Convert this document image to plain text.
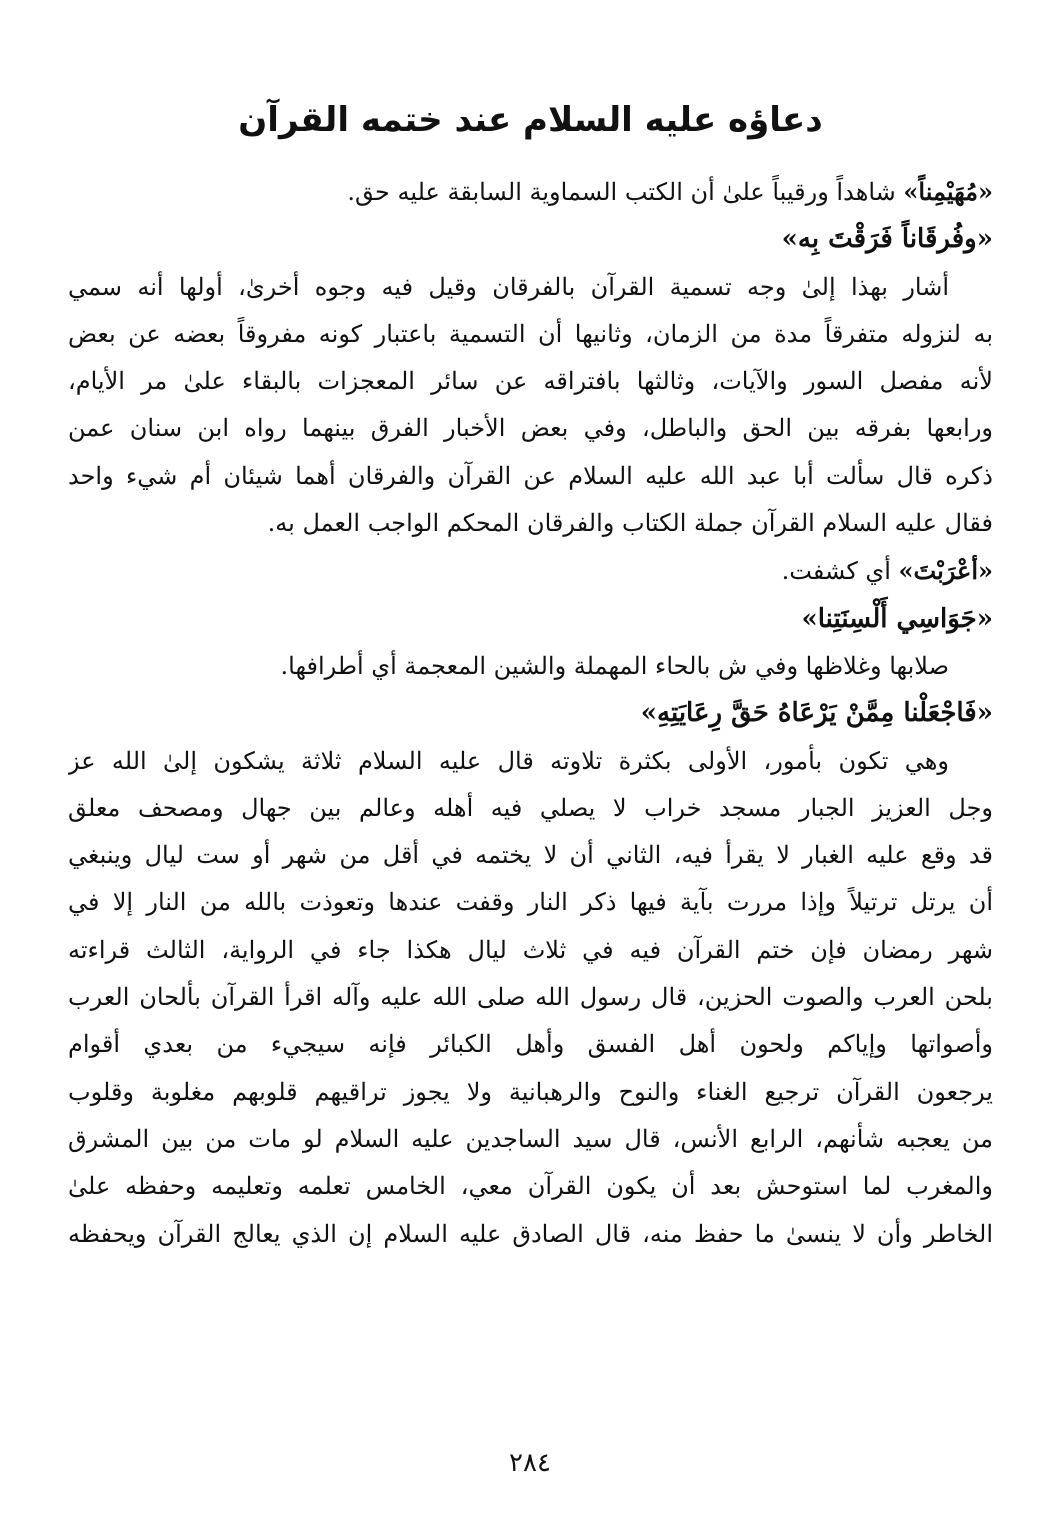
دعاؤه عليه السلام عند ختمه القرآن

«مُهَيْمِناً» شاهداً ورقيباً علىٰ أن الكتب السماوية السابقة عليه حق.

«وفُرقَاناً فَرَقْتَ بِه»

أشار بهذا إلىٰ وجه تسمية القرآن بالفرقان وقيل فيه وجوه أخرىٰ، أولها أنه سمي

به لنزوله متفرقاً مدة من الزمان، وثانيها أن التسمية باعتبار كونه مفروقاً بعضه عن بعض

لأنه مفصل السور والآيات، وثالثها بافتراقه عن سائر المعجزات بالبقاء علىٰ مر الأيام،

ورابعها بفرقه بين الحق والباطل، وفي بعض الأخبار الفرق بينهما رواه ابن سنان عمن

ذكره قال سألت أبا عبد الله عليه السلام عن القرآن والفرقان أهما شيئان أم شيء واحد

فقال عليه السلام القرآن جملة الكتاب والفرقان المحكم الواجب العمل به.

«أعْرَبْتَ» أي كشفت.

«جَوَاسِي أَلْسِنَتِنا»

صلابها وغلاظها وفي ش بالحاء المهملة والشين المعجمة أي أطرافها.

«فَاجْعَلْنا مِمَّنْ يَرْعَاهُ حَقَّ رِعَايَتِهِ»

وهي تكون بأمور، الأولى بكثرة تلاوته قال عليه السلام ثلاثة يشكون إلىٰ الله عز

وجل العزيز الجبار مسجد خراب لا يصلي فيه أهله وعالم بين جهال ومصحف معلق

قد وقع عليه الغبار لا يقرأ فيه، الثاني أن لا يختمه في أقل من شهر أو ست ليال وينبغي

أن يرتل ترتيلاً وإذا مررت بآية فيها ذكر النار وقفت عندها وتعوذت بالله من النار إلا في

شهر رمضان فإن ختم القرآن فيه في ثلاث ليال هكذا جاء في الرواية، الثالث قراءته

بلحن العرب والصوت الحزين، قال رسول الله صلى الله عليه وآله اقرأ القرآن بألحان العرب

وأصواتها وإياكم ولحون أهل الفسق وأهل الكبائر فإنه سيجيء من بعدي أقوام

يرجعون القرآن ترجيع الغناء والنوح والرهبانية ولا يجوز تراقيهم قلوبهم مغلوبة وقلوب

من يعجبه شأنهم، الرابع الأنس، قال سيد الساجدين عليه السلام لو مات من بين المشرق

والمغرب لما استوحش بعد أن يكون القرآن معي، الخامس تعلمه وتعليمه وحفظه علىٰ

الخاطر وأن لا ينسىٰ ما حفظ منه، قال الصادق عليه السلام إن الذي يعالج القرآن ويحفظه

٢٨٤
